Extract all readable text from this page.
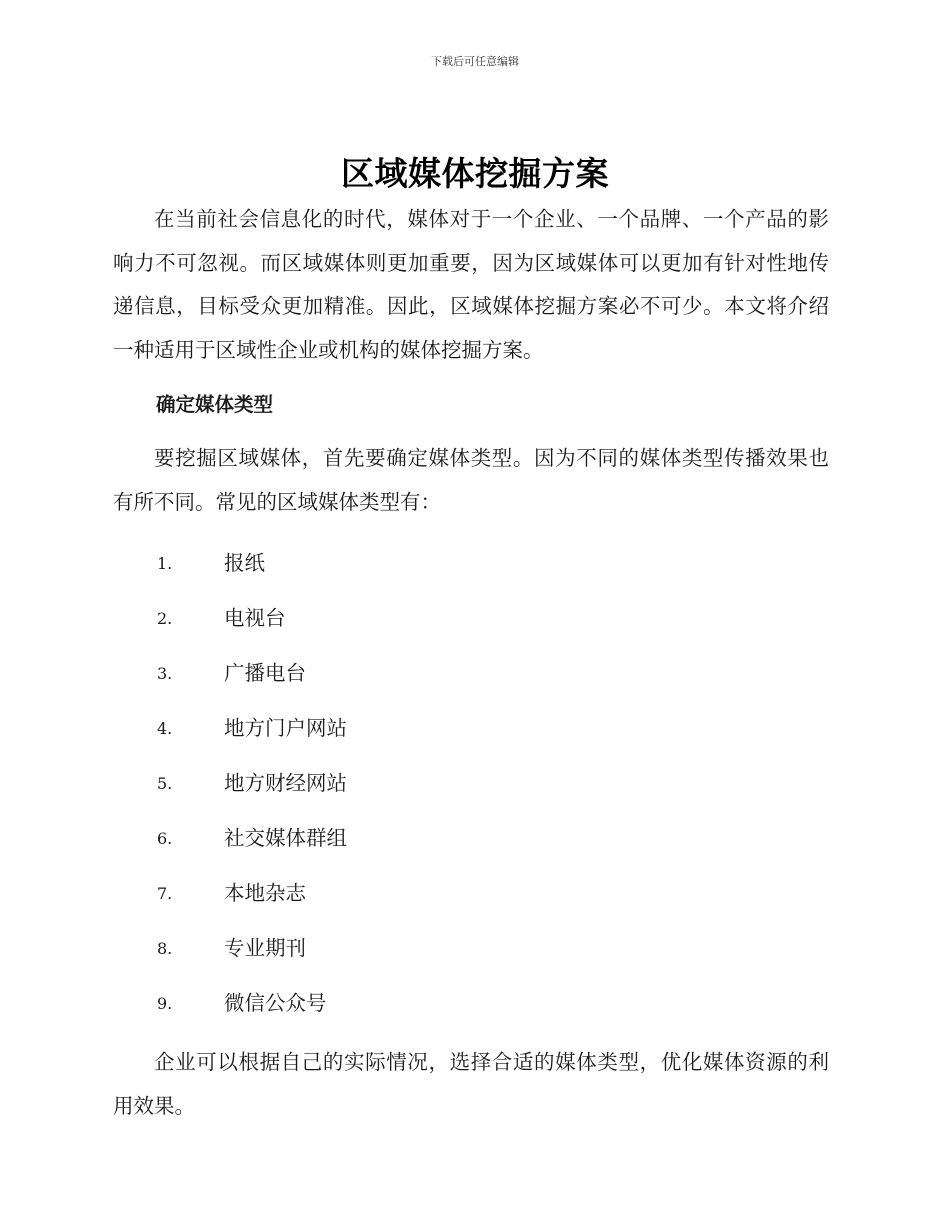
下载后可任意编辑
区域媒体挖掘方案

在当前社会信息化的时代，媒体对于一个企业、一个品牌、一个产品的影响力不可忽视。而区域媒体则更加重要，因为区域媒体可以更加有针对性地传递信息，目标受众更加精准。因此，区域媒体挖掘方案必不可少。本文将介绍一种适用于区域性企业或机构的媒体挖掘方案。

确定媒体类型

要挖掘区域媒体，首先要确定媒体类型。因为不同的媒体类型传播效果也有所不同。常见的区域媒体类型有：

1.	报纸
2.	电视台
3.	广播电台
4.	地方门户网站
5.	地方财经网站
6.	社交媒体群组
7.	本地杂志
8.	专业期刊
9.	微信公众号

企业可以根据自己的实际情况，选择合适的媒体类型，优化媒体资源的利用效果。
